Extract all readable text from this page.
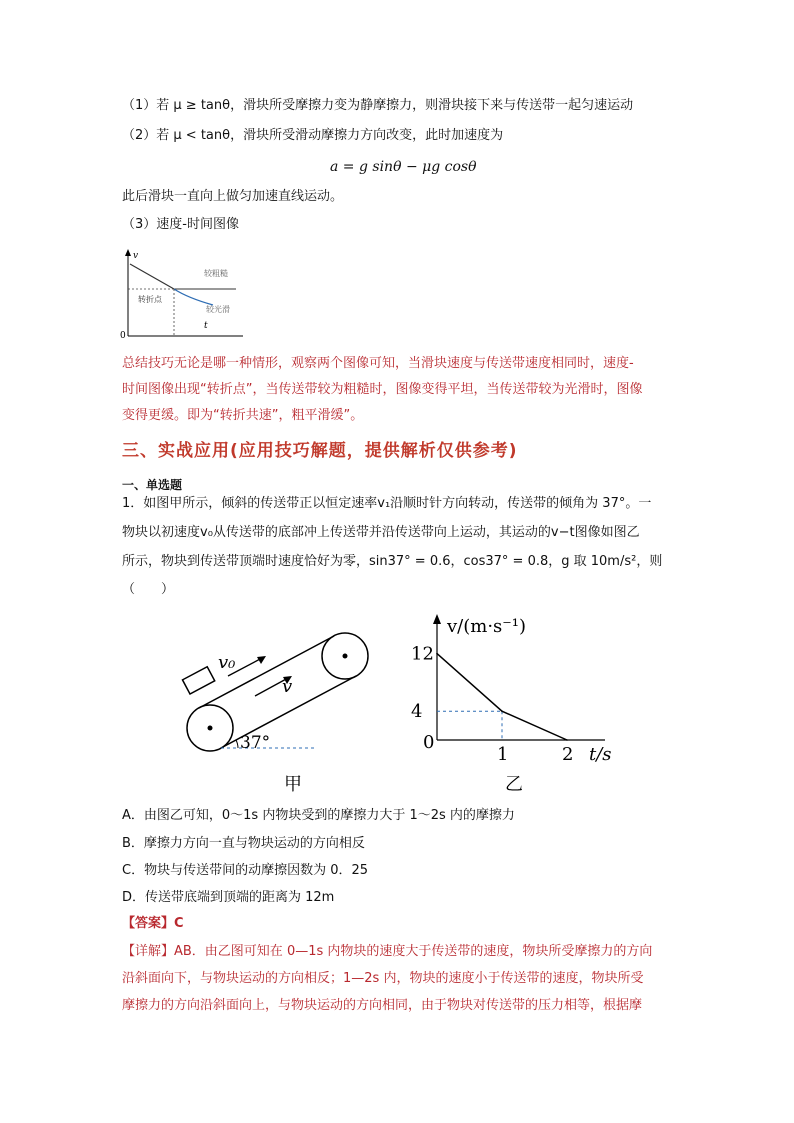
（1）若 μ ≥ tanθ，滑块所受摩擦力变为静摩擦力，则滑块接下来与传送带一起匀速运动
（2）若 μ < tanθ，滑块所受滑动摩擦力方向改变，此时加速度为
a = g sinθ − μg cosθ
此后滑块一直向上做匀加速直线运动。
（3）速度-时间图像
v
0
t
较粗糙
转折点
较光滑
总结技巧无论是哪一种情形，观察两个图像可知，当滑块速度与传送带速度相同时，速度-
时间图像出现“转折点”，当传送带较为粗糙时，图像变得平坦，当传送带较为光滑时，图像
变得更缓。即为“转折共速”，粗平滑缓”。
三、实战应用(应用技巧解题，提供解析仅供参考)
一、单选题
1．如图甲所示，倾斜的传送带正以恒定速率v₁沿顺时针方向转动，传送带的倾角为 37°。一
物块以初速度v₀从传送带的底部冲上传送带并沿传送带向上运动，其运动的v−t图像如图乙
所示，物块到传送带顶端时速度恰好为零，sin37° = 0.6，cos37° = 0.8，g 取 10m/s²，则
（　　）
v₀
v
37°
甲
v/(m·s⁻¹)
t/s
0
12
4
1	2
乙
A．由图乙可知，0～1s 内物块受到的摩擦力大于 1～2s 内的摩擦力
B．摩擦力方向一直与物块运动的方向相反
C．物块与传送带间的动摩擦因数为 0．25
D．传送带底端到顶端的距离为 12m
【答案】C
【详解】AB．由乙图可知在 0—1s 内物块的速度大于传送带的速度，物块所受摩擦力的方向
沿斜面向下，与物块运动的方向相反；1—2s 内，物块的速度小于传送带的速度，物块所受
摩擦力的方向沿斜面向上，与物块运动的方向相同，由于物块对传送带的压力相等，根据摩
